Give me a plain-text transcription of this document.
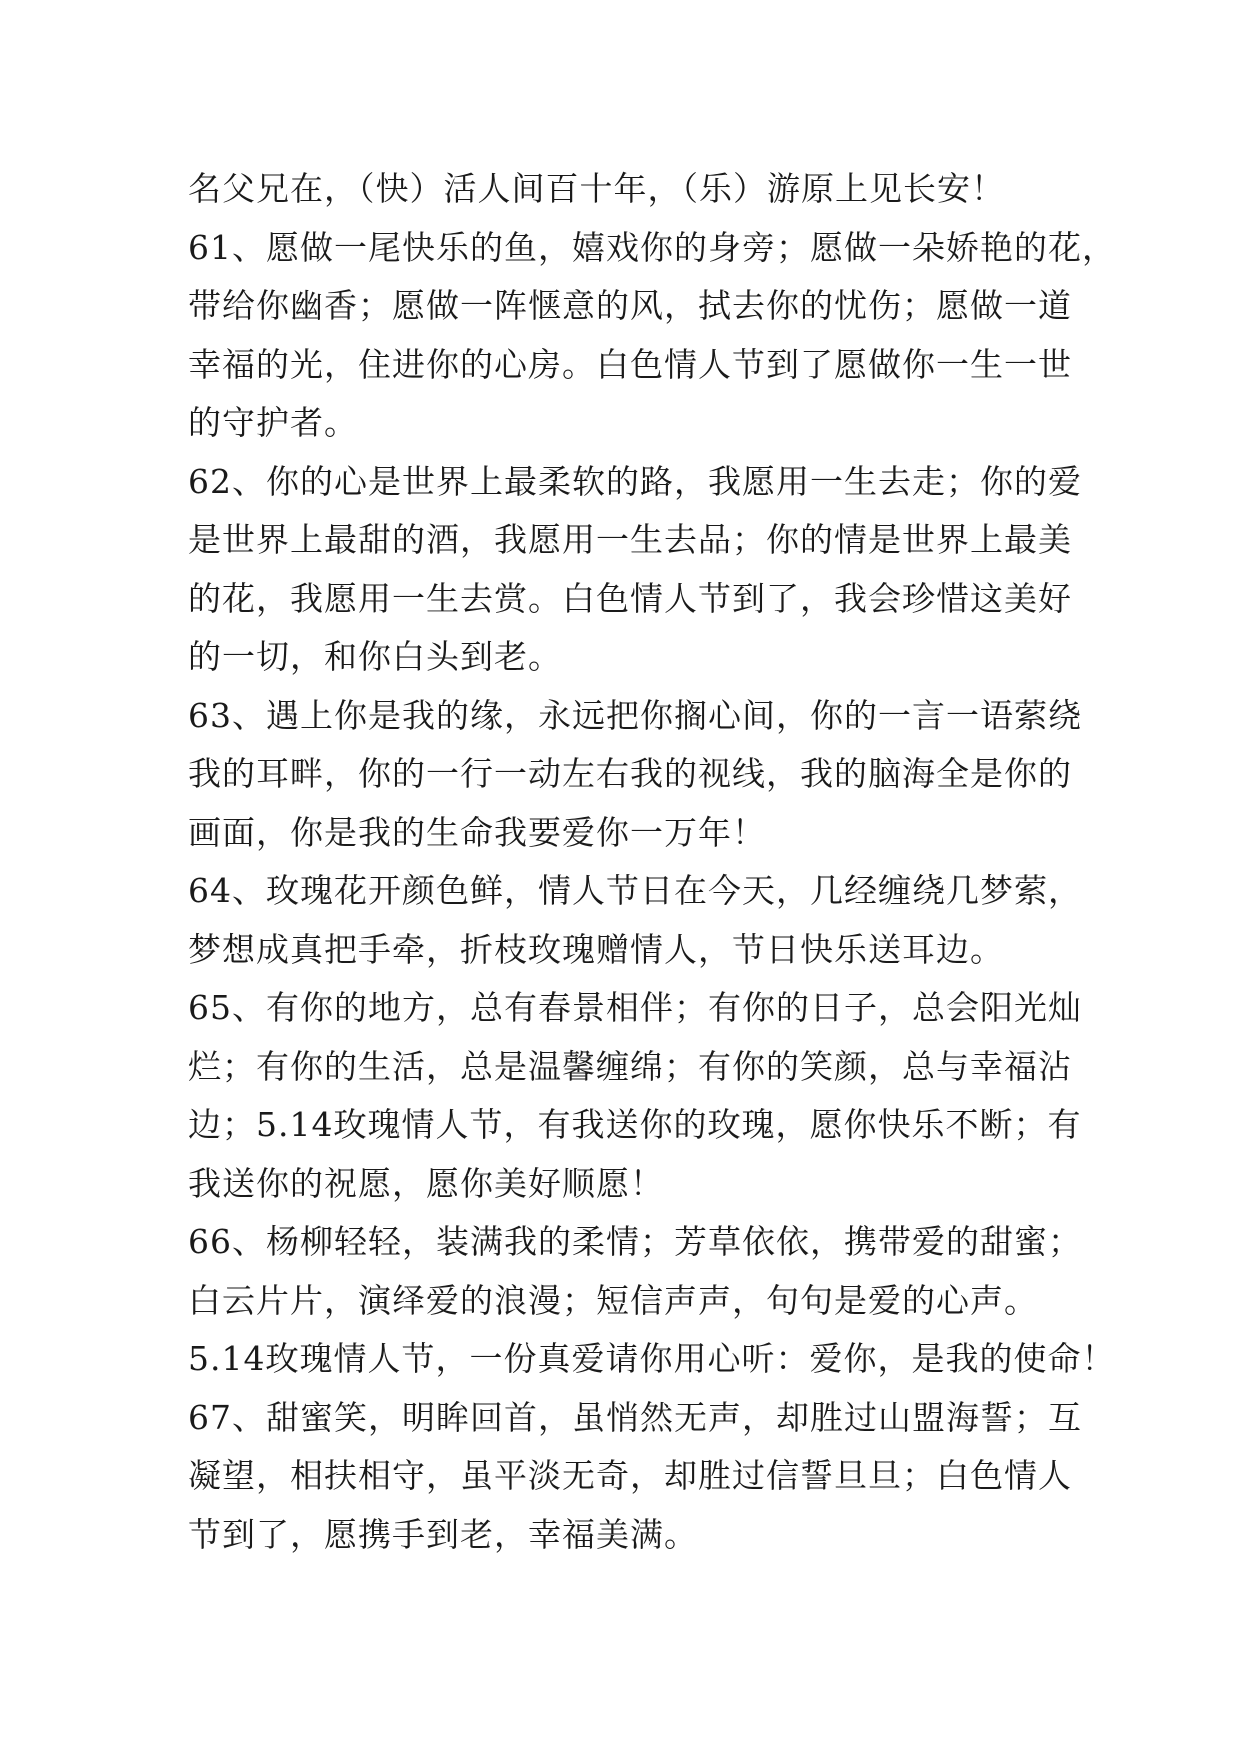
名父兄在，（快）活人间百十年，（乐）游原上见长安！
61、愿做一尾快乐的鱼，嬉戏你的身旁；愿做一朵娇艳的花，
带给你幽香；愿做一阵惬意的风，拭去你的忧伤；愿做一道
幸福的光，住进你的心房。白色情人节到了愿做你一生一世
的守护者。
62、你的心是世界上最柔软的路，我愿用一生去走；你的爱
是世界上最甜的酒，我愿用一生去品；你的情是世界上最美
的花，我愿用一生去赏。白色情人节到了，我会珍惜这美好
的一切，和你白头到老。
63、遇上你是我的缘，永远把你搁心间，你的一言一语萦绕
我的耳畔，你的一行一动左右我的视线，我的脑海全是你的
画面，你是我的生命我要爱你一万年！
64、玫瑰花开颜色鲜，情人节日在今天，几经缠绕几梦萦，
梦想成真把手牵，折枝玫瑰赠情人，节日快乐送耳边。
65、有你的地方，总有春景相伴；有你的日子，总会阳光灿
烂；有你的生活，总是温馨缠绵；有你的笑颜，总与幸福沾
边；5.14玫瑰情人节，有我送你的玫瑰，愿你快乐不断；有
我送你的祝愿，愿你美好顺愿！
66、杨柳轻轻，装满我的柔情；芳草依依，携带爱的甜蜜；
白云片片，演绎爱的浪漫；短信声声，句句是爱的心声。
5.14玫瑰情人节，一份真爱请你用心听：爱你，是我的使命！
67、甜蜜笑，明眸回首，虽悄然无声，却胜过山盟海誓；互
凝望，相扶相守，虽平淡无奇，却胜过信誓旦旦；白色情人
节到了，愿携手到老，幸福美满。
